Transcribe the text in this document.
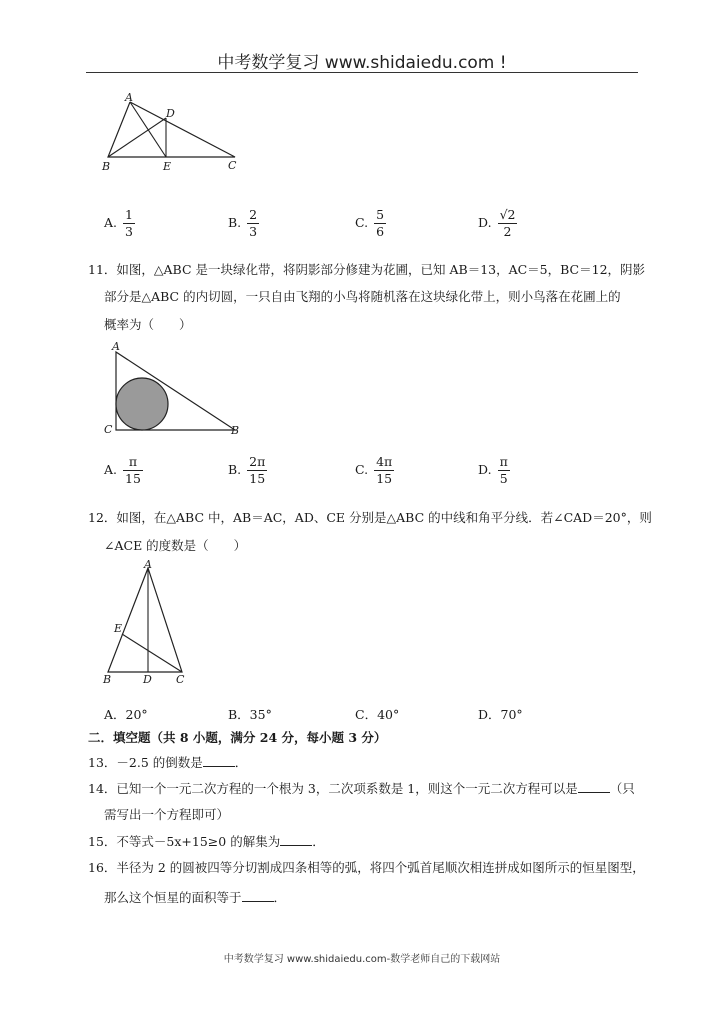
中考数学复习 www.shidaiedu.com !
A
D
B	E	C
A. $\frac{1}{3}$	B. $\frac{2}{3}$	C. $\frac{5}{6}$	D. $\frac{√2}{2}$
11．如图，△ABC 是一块绿化带，将阴影部分修建为花圃，已知 AB＝13，AC＝5，BC＝12，阴影
部分是△ABC 的内切圆，一只自由飞翔的小鸟将随机落在这块绿化带上，则小鸟落在花圃上的
概率为（　　）
A
C	B
A. $\frac{\pi}{15}$	B. $\frac{2\pi}{15}$	C. $\frac{4\pi}{15}$	D. $\frac{\pi}{5}$
12．如图，在△ABC 中，AB＝AC，AD、CE 分别是△ABC 的中线和角平分线．若∠CAD＝20°，则
∠ACE 的度数是（　　）
A
E
B	D C
A．20°	B．35°	C．40°	D．70°
二．填空题（共 8 小题，满分 24 分，每小题 3 分）
13．－2.5 的倒数是	．
14．已知一个一元二次方程的一个根为 3，二次项系数是 1，则这个一元二次方程可以是	（只
需写出一个方程即可）
15．不等式－5x+15≥0 的解集为	．
16．半径为 2 的圆被四等分切割成四条相等的弧，将四个弧首尾顺次相连拼成如图所示的恒星图型，
那么这个恒星的面积等于	．
中考数学复习 www.shidaiedu.com-数学老师自己的下载网站
